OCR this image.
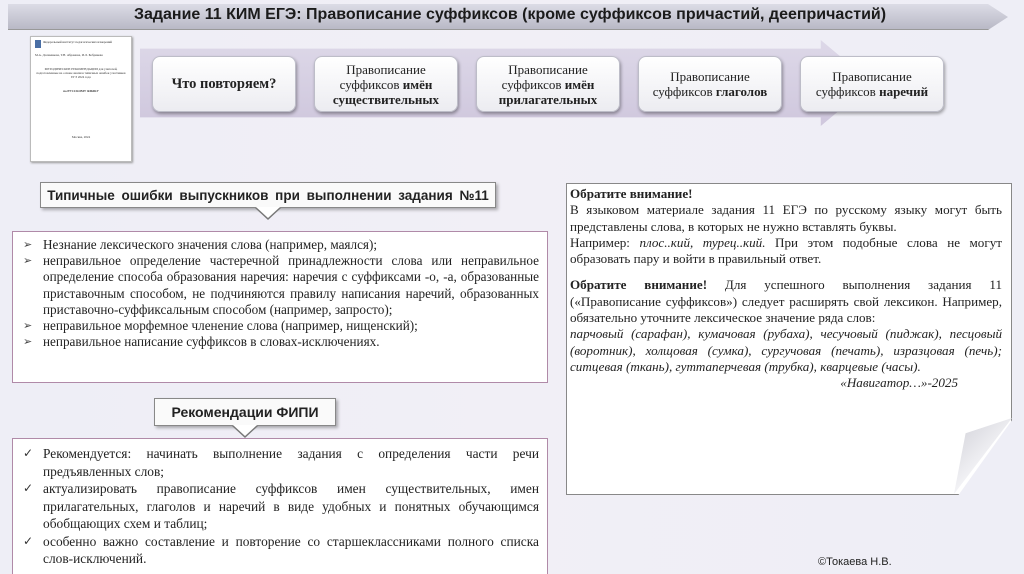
Задание 11 КИМ ЕГЭ: Правописание суффиксов (кроме суффиксов причастий, деепричастий)
Федеральный институт педагогических измерений
М.А. Долженкова, Т.Н. Абрамова, И.Л. Бобрикова
МЕТОДИЧЕСКИЕ РЕКОМЕНДАЦИИ для учителей, подготовленные на основе анализа типичных ошибок участников ЕГЭ 2024 года
по РУССКОМУ ЯЗЫКУ
Москва, 2024
Что повторяем?
Правописание суффиксов имён существительных
Правописание суффиксов имён прилагательных
Правописание суффиксов глаголов
Правописание суффиксов наречий
Типичные ошибки выпускников при выполнении задания №11
➢ Незнание лексического значения слова (например, маялся);
➢ неправильное определение частеречной принадлежности слова или неправильное определение способа образования наречия: наречия с суффиксами -о, -а, образованные приставочным способом, не подчиняются правилу написания наречий, образованных приставочно-суффиксальным способом (например, запросто);
➢ неправильное морфемное членение слова (например, нищенский);
➢ неправильное написание суффиксов в словах-исключениях.
Рекомендации ФИПИ
✓ Рекомендуется: начинать выполнение задания с определения части речи предъявленных слов;
✓ актуализировать правописание суффиксов имен существительных, имен прилагательных, глаголов и наречий в виде удобных и понятных обучающимся обобщающих схем и таблиц;
✓ особенно важно составление и повторение со старшеклассниками полного списка слов-исключений.

Обратите внимание!

В языковом материале задания 11 ЕГЭ по русскому языку могут быть представлены слова, в которых не нужно вставлять буквы.

Например: плос..кий, турец..кий. При этом подобные слова не могут образовать пару и войти в правильный ответ.

Обратите внимание! Для успешного выполнения задания 11 («Правописание суффиксов») следует расширять свой лексикон. Например, обязательно уточните лексическое значение ряда слов:

парчовый (сарафан), кумачовая (рубаха), чесучовый (пиджак), песцовый (воротник), холщовая (сумка), сургучовая (печать), изразцовая (печь); ситцевая (ткань), гуттаперчевая (трубка), кварцевые (часы).

«Навигатор…»-2025

©Токаева Н.В.
